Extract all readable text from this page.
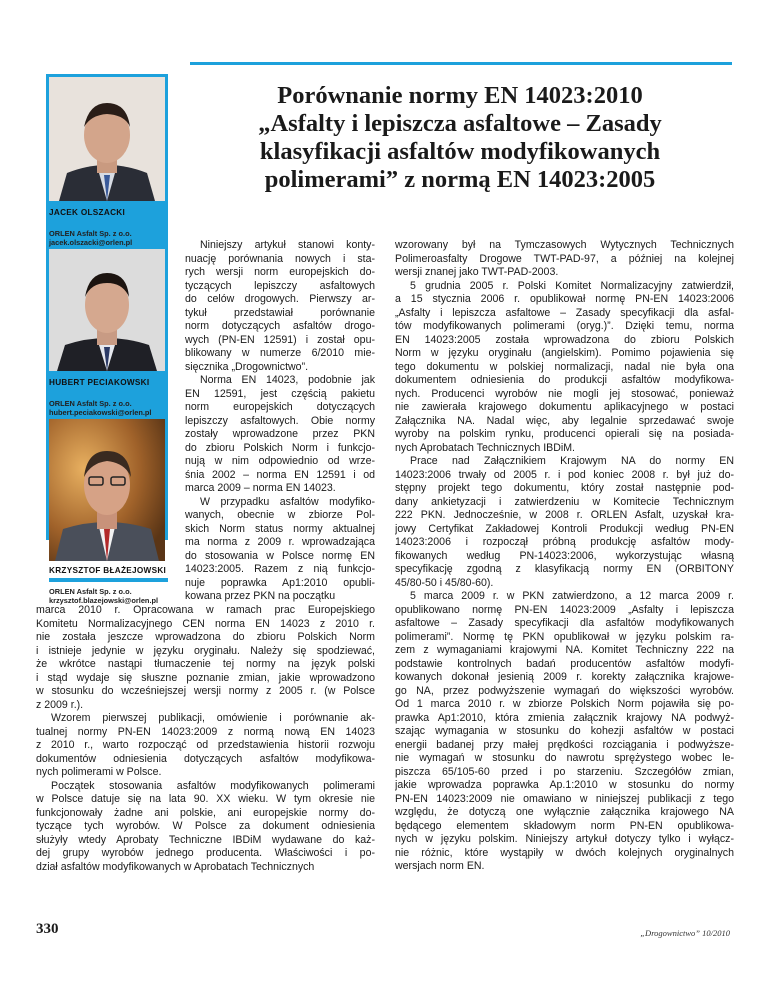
Porównanie normy EN 14023:2010
„Asfalty i lepiszcza asfaltowe – Zasady
klasyfikacji asfaltów modyfikowanych
polimerami” z normą EN 14023:2005
JACEK OLSZACKI
ORLEN Asfalt Sp. z o.o.
jacek.olszacki@orlen.pl
HUBERT PECIAKOWSKI
ORLEN Asfalt Sp. z o.o.
hubert.peciakowski@orlen.pl
KRZYSZTOF BŁAŻEJOWSKI
ORLEN Asfalt Sp. z o.o.
krzysztof.blazejowski@orlen.pl
Niniejszy artykuł stanowi konty-
nuację porównania nowych i sta-
rych wersji norm europejskich do-
tyczących lepiszczy asfaltowych
do celów drogowych. Pierwszy ar-
tykuł przedstawiał porównanie
norm dotyczących asfaltów drogo-
wych (PN-EN 12591) i został opu-
blikowany w numerze 6/2010 mie-
sięcznika „Drogownictwo”.
Norma EN 14023, podobnie jak
EN 12591, jest częścią pakietu
norm europejskich dotyczących
lepiszczy asfaltowych. Obie normy
zostały wprowadzone przez PKN
do zbioru Polskich Norm i funkcjo-
nują w nim odpowiednio od wrze-
śnia 2002 – norma EN 12591 i od
marca 2009 – norma EN 14023.
W przypadku asfaltów modyfiko-
wanych, obecnie w zbiorze Pol-
skich Norm status normy aktualnej
ma norma z 2009 r. wprowadzająca
do stosowania w Polsce normę EN
14023:2005. Razem z nią funkcjo-
nuje poprawka Ap1:2010 opubli-
kowana przez PKN na początku
marca 2010 r. Opracowana w ramach prac Europejskiego
Komitetu Normalizacyjnego CEN norma EN 14023 z 2010 r.
nie została jeszcze wprowadzona do zbioru Polskich Norm
i istnieje jedynie w języku oryginału. Należy się spodziewać,
że wkrótce nastąpi tłumaczenie tej normy na język polski
i stąd wydaje się słuszne poznanie zmian, jakie wprowadzono
w stosunku do wcześniejszej wersji normy z 2005 r. (w Polsce
z 2009 r.).
Wzorem pierwszej publikacji, omówienie i porównanie ak-
tualnej normy PN-EN 14023:2009 z normą nową EN 14023
z 2010 r., warto rozpocząć od przedstawienia historii rozwoju
dokumentów odniesienia dotyczących asfaltów modyfikowa-
nych polimerami w Polsce.
Początek stosowania asfaltów modyfikowanych polimerami
w Polsce datuje się na lata 90. XX wieku. W tym okresie nie
funkcjonowały żadne ani polskie, ani europejskie normy do-
tyczące tych wyrobów. W Polsce za dokument odniesienia
służyły wtedy Aprobaty Techniczne IBDiM wydawane do każ-
dej grupy wyrobów jednego producenta. Właściwości i po-
dział asfaltów modyfikowanych w Aprobatach Technicznych
wzorowany był na Tymczasowych Wytycznych Technicznych
Polimeroasfalty Drogowe TWT-PAD-97, a później na kolejnej
wersji znanej jako TWT-PAD-2003.
5 grudnia 2005 r. Polski Komitet Normalizacyjny zatwierdził,
a 15 stycznia 2006 r. opublikował normę PN-EN 14023:2006
„Asfalty i lepiszcza asfaltowe – Zasady specyfikacji dla asfal-
tów modyfikowanych polimerami (oryg.)”. Dzięki temu, norma
EN 14023:2005 została wprowadzona do zbioru Polskich
Norm w języku oryginału (angielskim). Pomimo pojawienia się
tego dokumentu w polskiej normalizacji, nadal nie była ona
dokumentem odniesienia do produkcji asfaltów modyfikowa-
nych. Producenci wyrobów nie mogli jej stosować, ponieważ
nie zawierała krajowego dokumentu aplikacyjnego w postaci
Załącznika NA. Nadal więc, aby legalnie sprzedawać swoje
wyroby na polskim rynku, producenci opierali się na posiada-
nych Aprobatach Technicznych IBDiM.
Prace nad Załącznikiem Krajowym NA do normy EN
14023:2006 trwały od 2005 r. i pod koniec 2008 r. był już do-
stępny projekt tego dokumentu, który został następnie pod-
dany ankietyzacji i zatwierdzeniu w Komitecie Technicznym
222 PKN. Jednocześnie, w 2008 r. ORLEN Asfalt, uzyskał kra-
jowy Certyfikat Zakładowej Kontroli Produkcji według PN-EN
14023:2006 i rozpoczął próbną produkcję asfaltów mody-
fikowanych według PN-14023:2006, wykorzystując własną
specyfikację zgodną z klasyfikacją normy EN (ORBITONY
45/80-50 i 45/80-60).
5 marca 2009 r. w PKN zatwierdzono, a 12 marca 2009 r.
opublikowano normę PN-EN 14023:2009 „Asfalty i lepiszcza
asfaltowe – Zasady specyfikacji dla asfaltów modyfikowanych
polimerami”. Normę tę PKN opublikował w języku polskim ra-
zem z wymaganiami krajowymi NA. Komitet Techniczny 222 na
podstawie kontrolnych badań producentów asfaltów modyfi-
kowanych dokonał jesienią 2009 r. korekty załącznika krajowe-
go NA, przez podwyższenie wymagań do większości wyrobów.
Od 1 marca 2010 r. w zbiorze Polskich Norm pojawiła się po-
prawka Ap1:2010, która zmienia załącznik krajowy NA podwyż-
szając wymagania w stosunku do kohezji asfaltów w postaci
energii badanej przy małej prędkości rozciągania i podwyższe-
nie wymagań w stosunku do nawrotu sprężystego wobec le-
piszcza 65/105-60 przed i po starzeniu. Szczegółów zmian,
jakie wprowadza poprawka Ap.1:2010 w stosunku do normy
PN-EN 14023:2009 nie omawiano w niniejszej publikacji z tego
względu, że dotyczą one wyłącznie załącznika krajowego NA
będącego elementem składowym norm PN-EN opublikowa-
nych w języku polskim. Niniejszy artykuł dotyczy tylko i wyłącz-
nie różnic, które wystąpiły w dwóch kolejnych oryginalnych
wersjach norm EN.
330	„Drogownictwo” 10/2010
